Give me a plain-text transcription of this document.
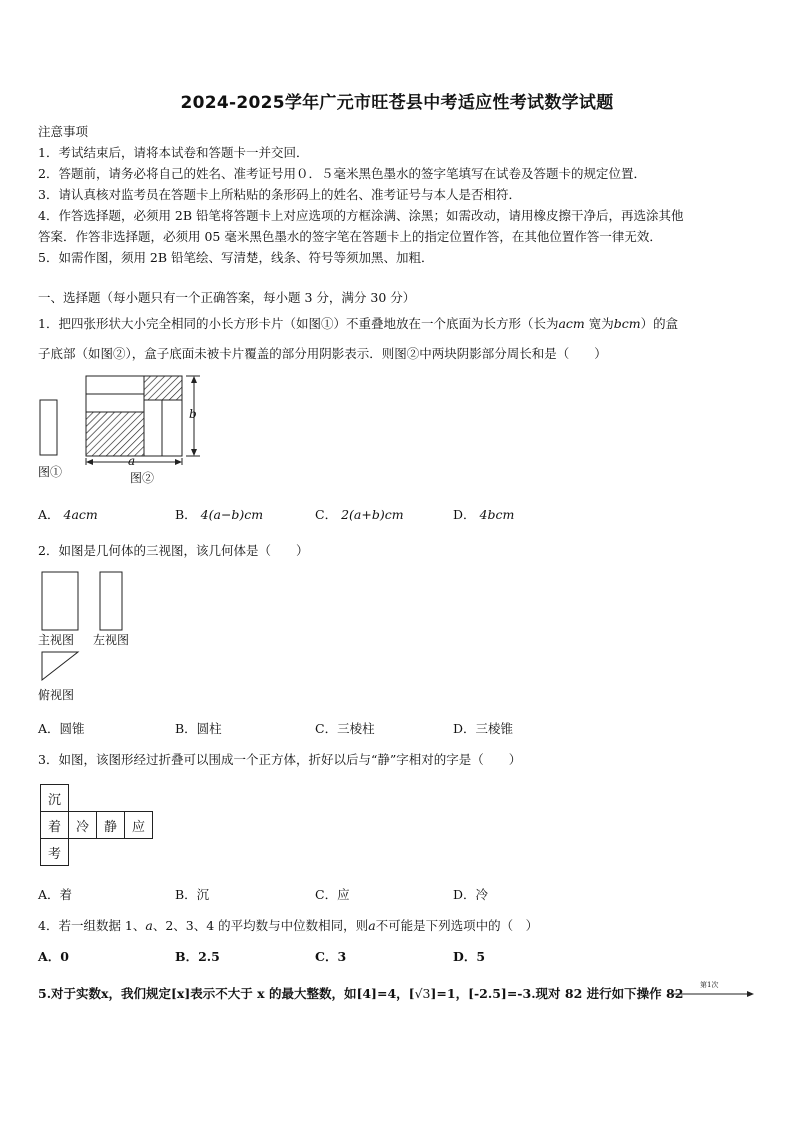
2024-2025学年广元市旺苍县中考适应性考试数学试题
注意事项
1．考试结束后，请将本试卷和答题卡一并交回．
2．答题前，请务必将自己的姓名、准考证号用０．５毫米黑色墨水的签字笔填写在试卷及答题卡的规定位置．
3．请认真核对监考员在答题卡上所粘贴的条形码上的姓名、准考证号与本人是否相符．
4．作答选择题，必须用 2B 铅笔将答题卡上对应选项的方框涂满、涂黑；如需改动，请用橡皮擦干净后，再选涂其他
答案．作答非选择题，必须用 05 毫米黑色墨水的签字笔在答题卡上的指定位置作答，在其他位置作答一律无效．
5．如需作图，须用 2B 铅笔绘、写清楚，线条、符号等须加黑、加粗．
一、选择题（每小题只有一个正确答案，每小题 3 分，满分 30 分）
1．把四张形状大小完全相同的小长方形卡片（如图①）不重叠地放在一个底面为长方形（长为acm 宽为bcm）的盒
子底部（如图②），盒子底面未被卡片覆盖的部分用阴影表示．则图②中两块阴影部分周长和是（　　）
b
a
图①	图②
A． 4acm	B． 4(a−b)cm	C． 2(a+b)cm	D． 4bcm
2．如图是几何体的三视图，该几何体是（　　）
主视图 左视图
俯视图
A．圆锥	B．圆柱	C．三棱柱	D．三棱锥
3．如图，该图形经过折叠可以围成一个正方体，折好以后与“静”字相对的字是（　　）
沉			
着	冷	静	应
考			
A．着	B．沉	C．应	D．冷
4．若一组数据 1、a、2、3、4 的平均数与中位数相同，则a不可能是下列选项中的（　）
A．0	B．2.5	C．3	D．5
5.对于实数x，我们规定[x]表示不大于 x 的最大整数，如[4]=4，[√3]=1，[-2.5]=-3.现对 82 进行如下操作 82
第1次
